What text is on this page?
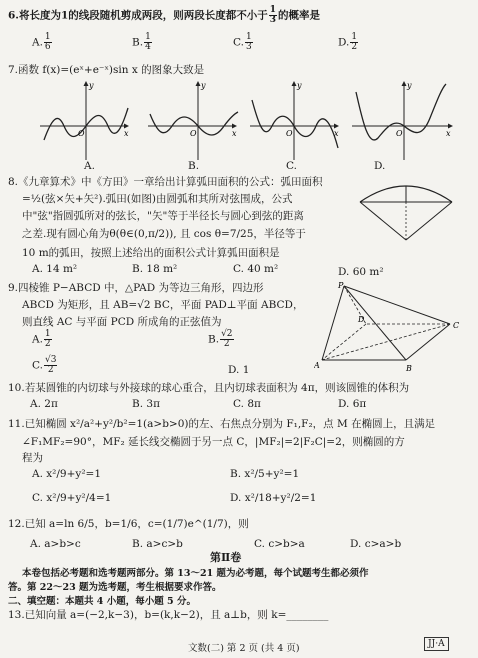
6.将长度为1的线段随机剪成两段，则两段长度都不小于 $\frac{1}{3}$ 的概率是
A. $\frac{1}{6}$	B. $\frac{1}{4}$	C. $\frac{1}{3}$	D. $\frac{1}{2}$
7.函数 f(x)=(eˣ+e⁻ˣ)sin x 的图象大致是
x
y
O	x
y
O	x
y
O	x
y
O
A.	B.	C.	D.
8.《九章算术》中《方田》一章给出计算弧田面积的公式：弧田面积
=½(弦×矢+矢²).弧田(如图)由圆弧和其所对弦围成，公式
中"弦"指圆弧所对的弦长，"矢"等于半径长与圆心到弦的距离
之差.现有圆心角为θ(θ∈(0,π/2)), 且 cos θ=7/25，半径等于
10 m的弧田，按照上述给出的面积公式计算弧田面积是
A. 14 m²	B. 18 m²	C. 40 m²	D. 60 m²
9.四棱锥 P−ABCD 中，△PAD 为等边三角形，四边形
ABCD 为矩形，且 AB=√2 BC，平面 PAD⊥平面 ABCD，
则直线 AC 与平面 PCD 所成角的正弦值为
A. $\frac{1}{2}$	B. $\frac{√2}{2}$
C. $\frac{√3}{2}$	D. 1
P
A	B
C
D
10.若某圆锥的内切球与外接球的球心重合，且内切球表面积为 4π，则该圆锥的体积为
A. 2π	B. 3π	C. 8π	D. 6π
11.已知椭圆 x²/a²+y²/b²=1(a>b>0)的左、右焦点分别为 F₁,F₂，点 M 在椭圆上，且满足
∠F₁MF₂=90°，MF₂ 延长线交椭圆于另一点 C，|MF₂|=2|F₂C|=2，则椭圆的方
程为
A. x²/9+y²=1	B. x²/5+y²=1
C. x²/9+y²/4=1	D. x²/18+y²/2=1
12.已知 a=ln 6/5，b=1/6，c=(1/7)e^(1/7)，则
A. a>b>c	B. a>c>b	C. c>b>a	D. c>a>b
第Ⅱ卷
本卷包括必考题和选考题两部分。第 13～21 题为必考题，每个试题考生都必须作
答。第 22～23 题为选考题，考生根据要求作答。
二、填空题：本题共 4 小题，每小题 5 分。
13.已知向量 a=(−2,k−3)，b=(k,k−2)，且 a⊥b，则 k=________
文数(二) 第 2 页 (共 4 页)	JJ·A
